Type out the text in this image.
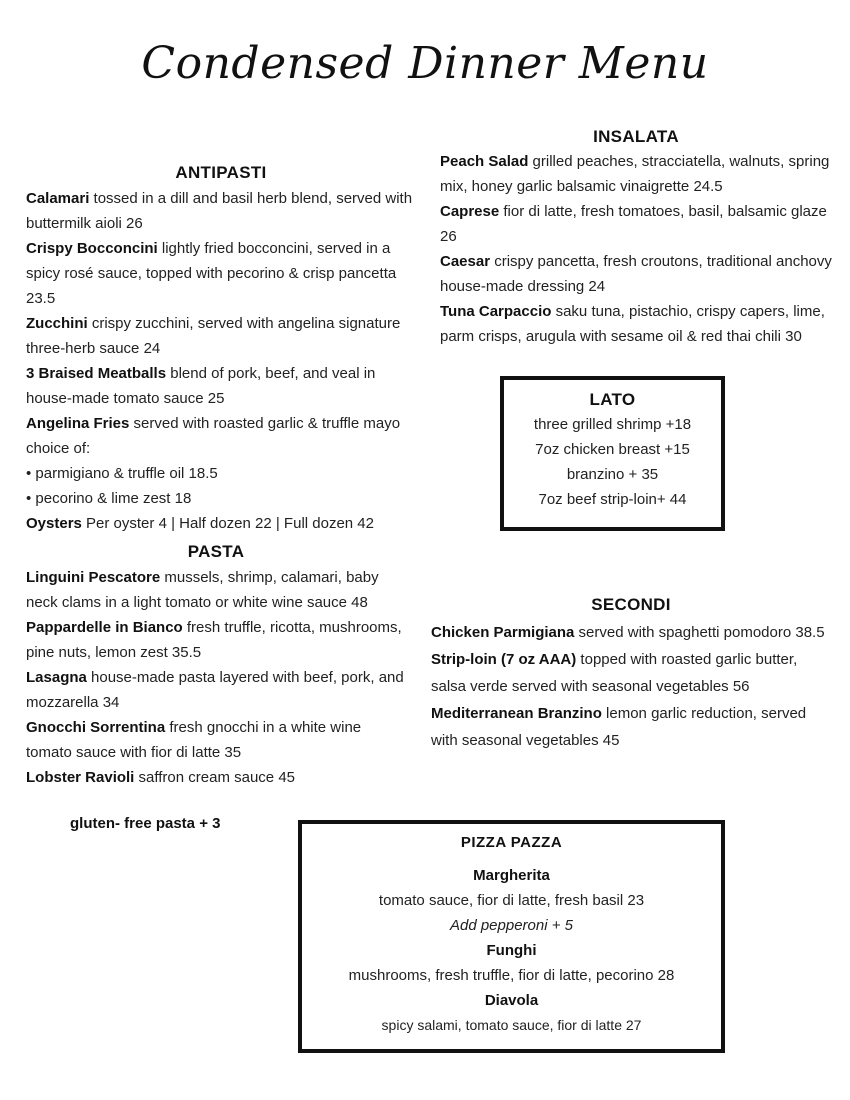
Condensed Dinner Menu
ANTIPASTI
Calamari tossed in a dill and basil herb blend, served with buttermilk aioli 26
Crispy Bocconcini lightly fried bocconcini, served in a spicy rosé sauce, topped with pecorino & crisp pancetta 23.5
Zucchini crispy zucchini, served with angelina signature three-herb sauce 24
3 Braised Meatballs blend of pork, beef, and veal in house-made tomato sauce 25
Angelina Fries served with roasted garlic & truffle mayo choice of:
• parmigiano & truffle oil 18.5
• pecorino & lime zest 18
Oysters Per oyster 4 | Half dozen 22 | Full dozen 42
INSALATA
Peach Salad grilled peaches, stracciatella, walnuts, spring mix, honey garlic balsamic vinaigrette 24.5
Caprese fior di latte, fresh tomatoes, basil, balsamic glaze 26
Caesar crispy pancetta, fresh croutons, traditional anchovy house-made dressing 24
Tuna Carpaccio saku tuna, pistachio, crispy capers, lime, parm crisps, arugula with sesame oil & red thai chili 30
LATO
three grilled shrimp +18
7oz chicken breast +15
branzino + 35
7oz beef strip-loin+ 44
PASTA
Linguini Pescatore mussels, shrimp, calamari, baby neck clams in a light tomato or white wine sauce 48
Pappardelle in Bianco fresh truffle, ricotta, mushrooms, pine nuts, lemon zest 35.5
Lasagna house-made pasta layered with beef, pork, and mozzarella 34
Gnocchi Sorrentina fresh gnocchi in a white wine tomato sauce with fior di latte 35
Lobster Ravioli saffron cream sauce 45
gluten- free pasta + 3
SECONDI
Chicken Parmigiana served with spaghetti pomodoro 38.5
Strip-loin (7 oz AAA) topped with roasted garlic butter, salsa verde served with seasonal vegetables 56
Mediterranean Branzino lemon garlic reduction, served with seasonal vegetables 45
PIZZA PAZZA
Margherita
tomato sauce, fior di latte, fresh basil 23
Add pepperoni + 5
Funghi
mushrooms, fresh truffle, fior di latte, pecorino 28
Diavola
spicy salami, tomato sauce, fior di latte 27
